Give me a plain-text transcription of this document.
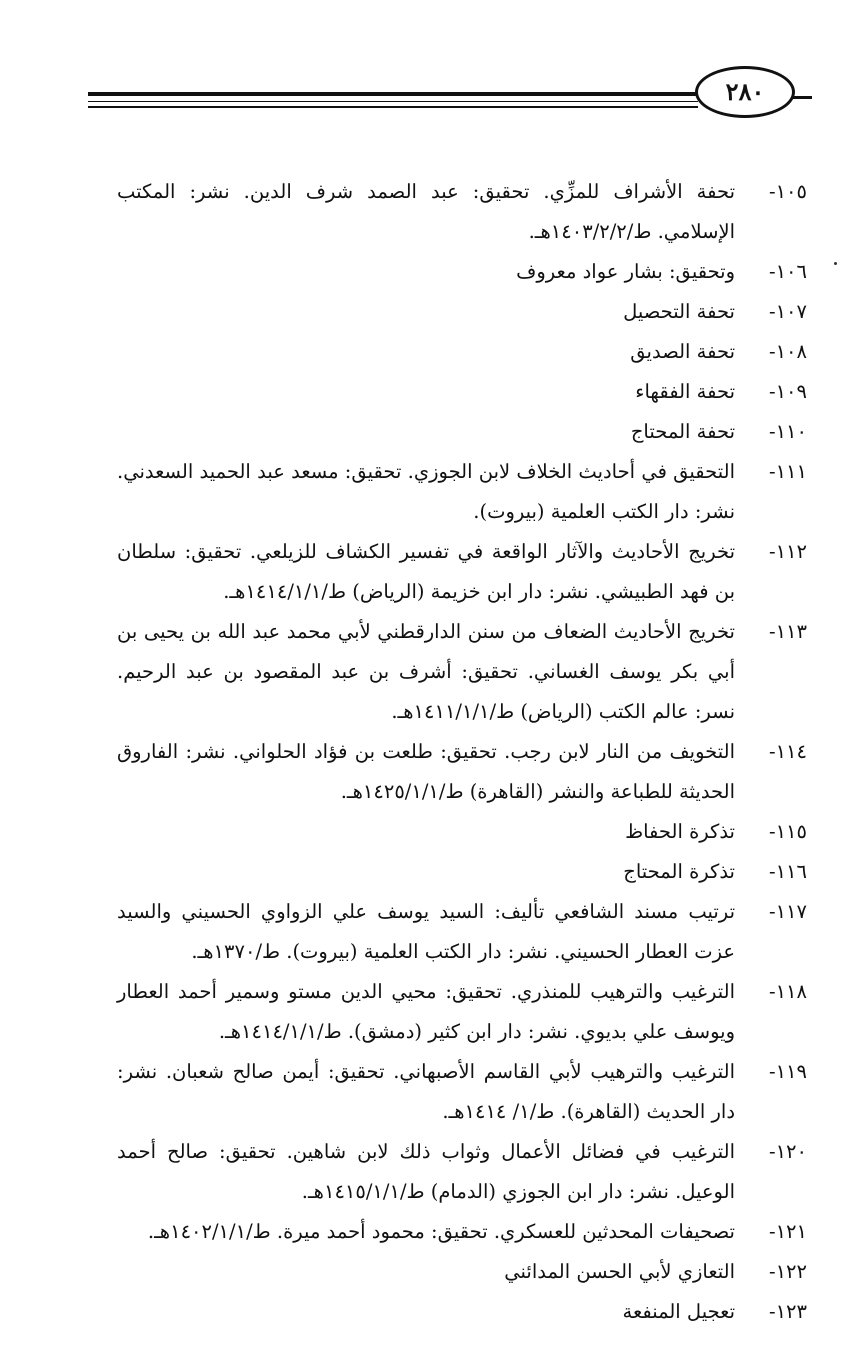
٢٨٠
١٠٥-
تحفة الأشراف للمزِّي. تحقيق: عبد الصمد شرف الدين. نشر: المكتب الإسلامي. ط/١٤٠٣/٢/٢هـ.
١٠٦-
وتحقيق: بشار عواد معروف
١٠٧-
تحفة التحصيل
١٠٨-
تحفة الصديق
١٠٩-
تحفة الفقهاء
١١٠-
تحفة المحتاج
١١١-
التحقيق في أحاديث الخلاف لابن الجوزي. تحقيق: مسعد عبد الحميد السعدني. نشر: دار الكتب العلمية (بيروت).
١١٢-
تخريج الأحاديث والآثار الواقعة في تفسير الكشاف للزيلعي. تحقيق: سلطان بن فهد الطبيشي. نشر: دار ابن خزيمة (الرياض) ط/١٤١٤/١/١هـ.
١١٣-
تخريج الأحاديث الضعاف من سنن الدارقطني لأبي محمد عبد الله بن يحيى بن أبي بكر يوسف الغساني. تحقيق: أشرف بن عبد المقصود بن عبد الرحيم. نسر: عالم الكتب (الرياض) ط/١٤١١/١/١هـ.
١١٤-
التخويف من النار لابن رجب. تحقيق: طلعت بن فؤاد الحلواني. نشر: الفاروق الحديثة للطباعة والنشر (القاهرة) ط/١٤٢٥/١/١هـ.
١١٥-
تذكرة الحفاظ
١١٦-
تذكرة المحتاج
١١٧-
ترتيب مسند الشافعي تأليف: السيد يوسف علي الزواوي الحسيني والسيد عزت العطار الحسيني. نشر: دار الكتب العلمية (بيروت). ط/١٣٧٠هـ.
١١٨-
الترغيب والترهيب للمنذري. تحقيق: محيي الدين مستو وسمير أحمد العطار ويوسف علي بديوي. نشر: دار ابن كثير (دمشق). ط/١٤١٤/١/١هـ.
١١٩-
الترغيب والترهيب لأبي القاسم الأصبهاني. تحقيق: أيمن صالح شعبان. نشر: دار الحديث (القاهرة). ط/١/ ١٤١٤هـ.
١٢٠-
الترغيب في فضائل الأعمال وثواب ذلك لابن شاهين. تحقيق: صالح أحمد الوعيل. نشر: دار ابن الجوزي (الدمام) ط/١٤١٥/١/١هـ.
١٢١-
تصحيفات المحدثين للعسكري. تحقيق: محمود أحمد ميرة. ط/١٤٠٢/١/١هـ.
١٢٢-
التعازي لأبي الحسن المدائني
١٢٣-
تعجيل المنفعة
